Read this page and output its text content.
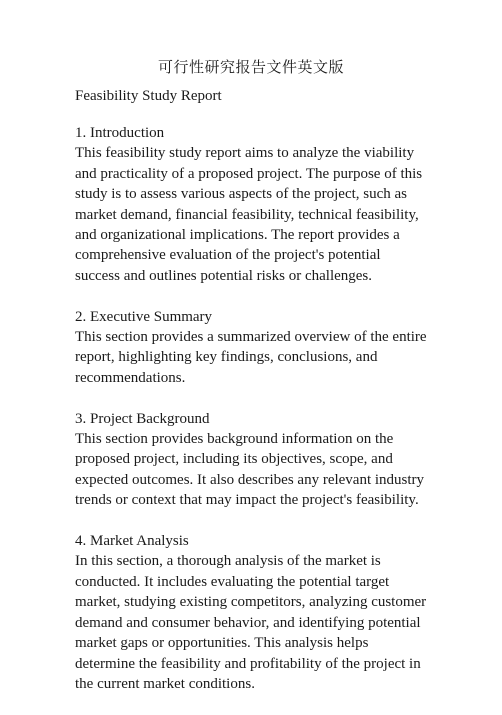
可行性研究报告文件英文版
Feasibility Study Report
1. Introduction
This feasibility study report aims to analyze the viability and practicality of a proposed project. The purpose of this study is to assess various aspects of the project, such as market demand, financial feasibility, technical feasibility, and organizational implications. The report provides a comprehensive evaluation of the project's potential success and outlines potential risks or challenges.
2. Executive Summary
This section provides a summarized overview of the entire report, highlighting key findings, conclusions, and recommendations.
3. Project Background
This section provides background information on the proposed project, including its objectives, scope, and expected outcomes. It also describes any relevant industry trends or context that may impact the project's feasibility.
4. Market Analysis
In this section, a thorough analysis of the market is conducted. It includes evaluating the potential target market, studying existing competitors, analyzing customer demand and consumer behavior, and identifying potential market gaps or opportunities. This analysis helps determine the feasibility and profitability of the project in the current market conditions.
